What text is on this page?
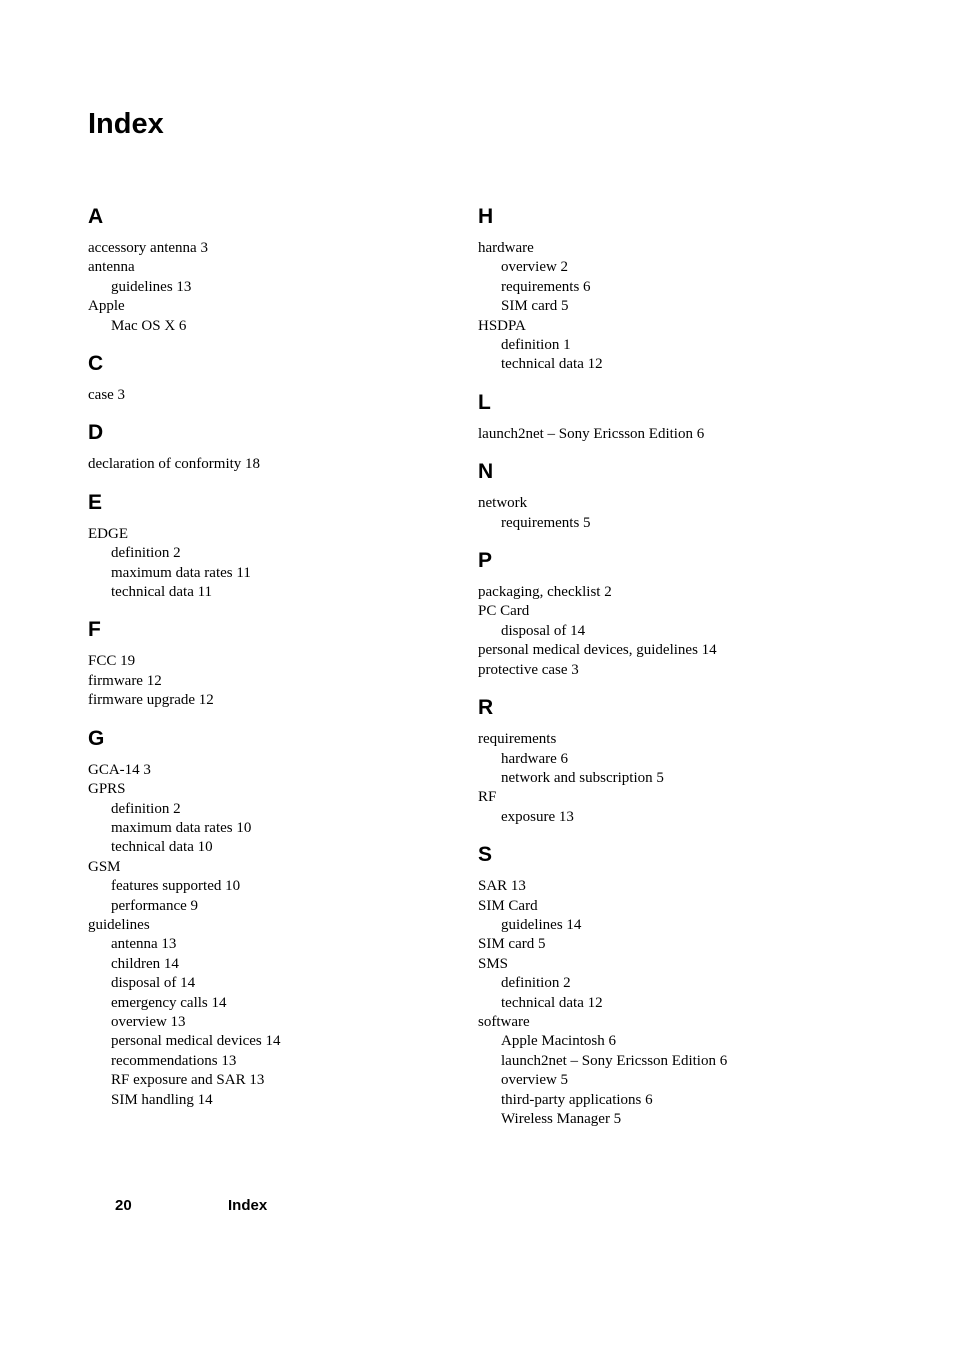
Index
A
accessory antenna 3
antenna
guidelines 13
Apple
Mac OS X 6
C
case 3
D
declaration of conformity 18
E
EDGE
definition 2
maximum data rates 11
technical data 11
F
FCC 19
firmware 12
firmware upgrade 12
G
GCA-14 3
GPRS
definition 2
maximum data rates 10
technical data 10
GSM
features supported 10
performance 9
guidelines
antenna 13
children 14
disposal of 14
emergency calls 14
overview 13
personal medical devices 14
recommendations 13
RF exposure and SAR 13
SIM handling 14
H
hardware
overview 2
requirements 6
SIM card 5
HSDPA
definition 1
technical data 12
L
launch2net – Sony Ericsson Edition 6
N
network
requirements 5
P
packaging, checklist 2
PC Card
disposal of 14
personal medical devices, guidelines 14
protective case 3
R
requirements
hardware 6
network and subscription 5
RF
exposure 13
S
SAR 13
SIM Card
guidelines 14
SIM card 5
SMS
definition 2
technical data 12
software
Apple Macintosh 6
launch2net – Sony Ericsson Edition 6
overview 5
third-party applications 6
Wireless Manager 5
20	Index
